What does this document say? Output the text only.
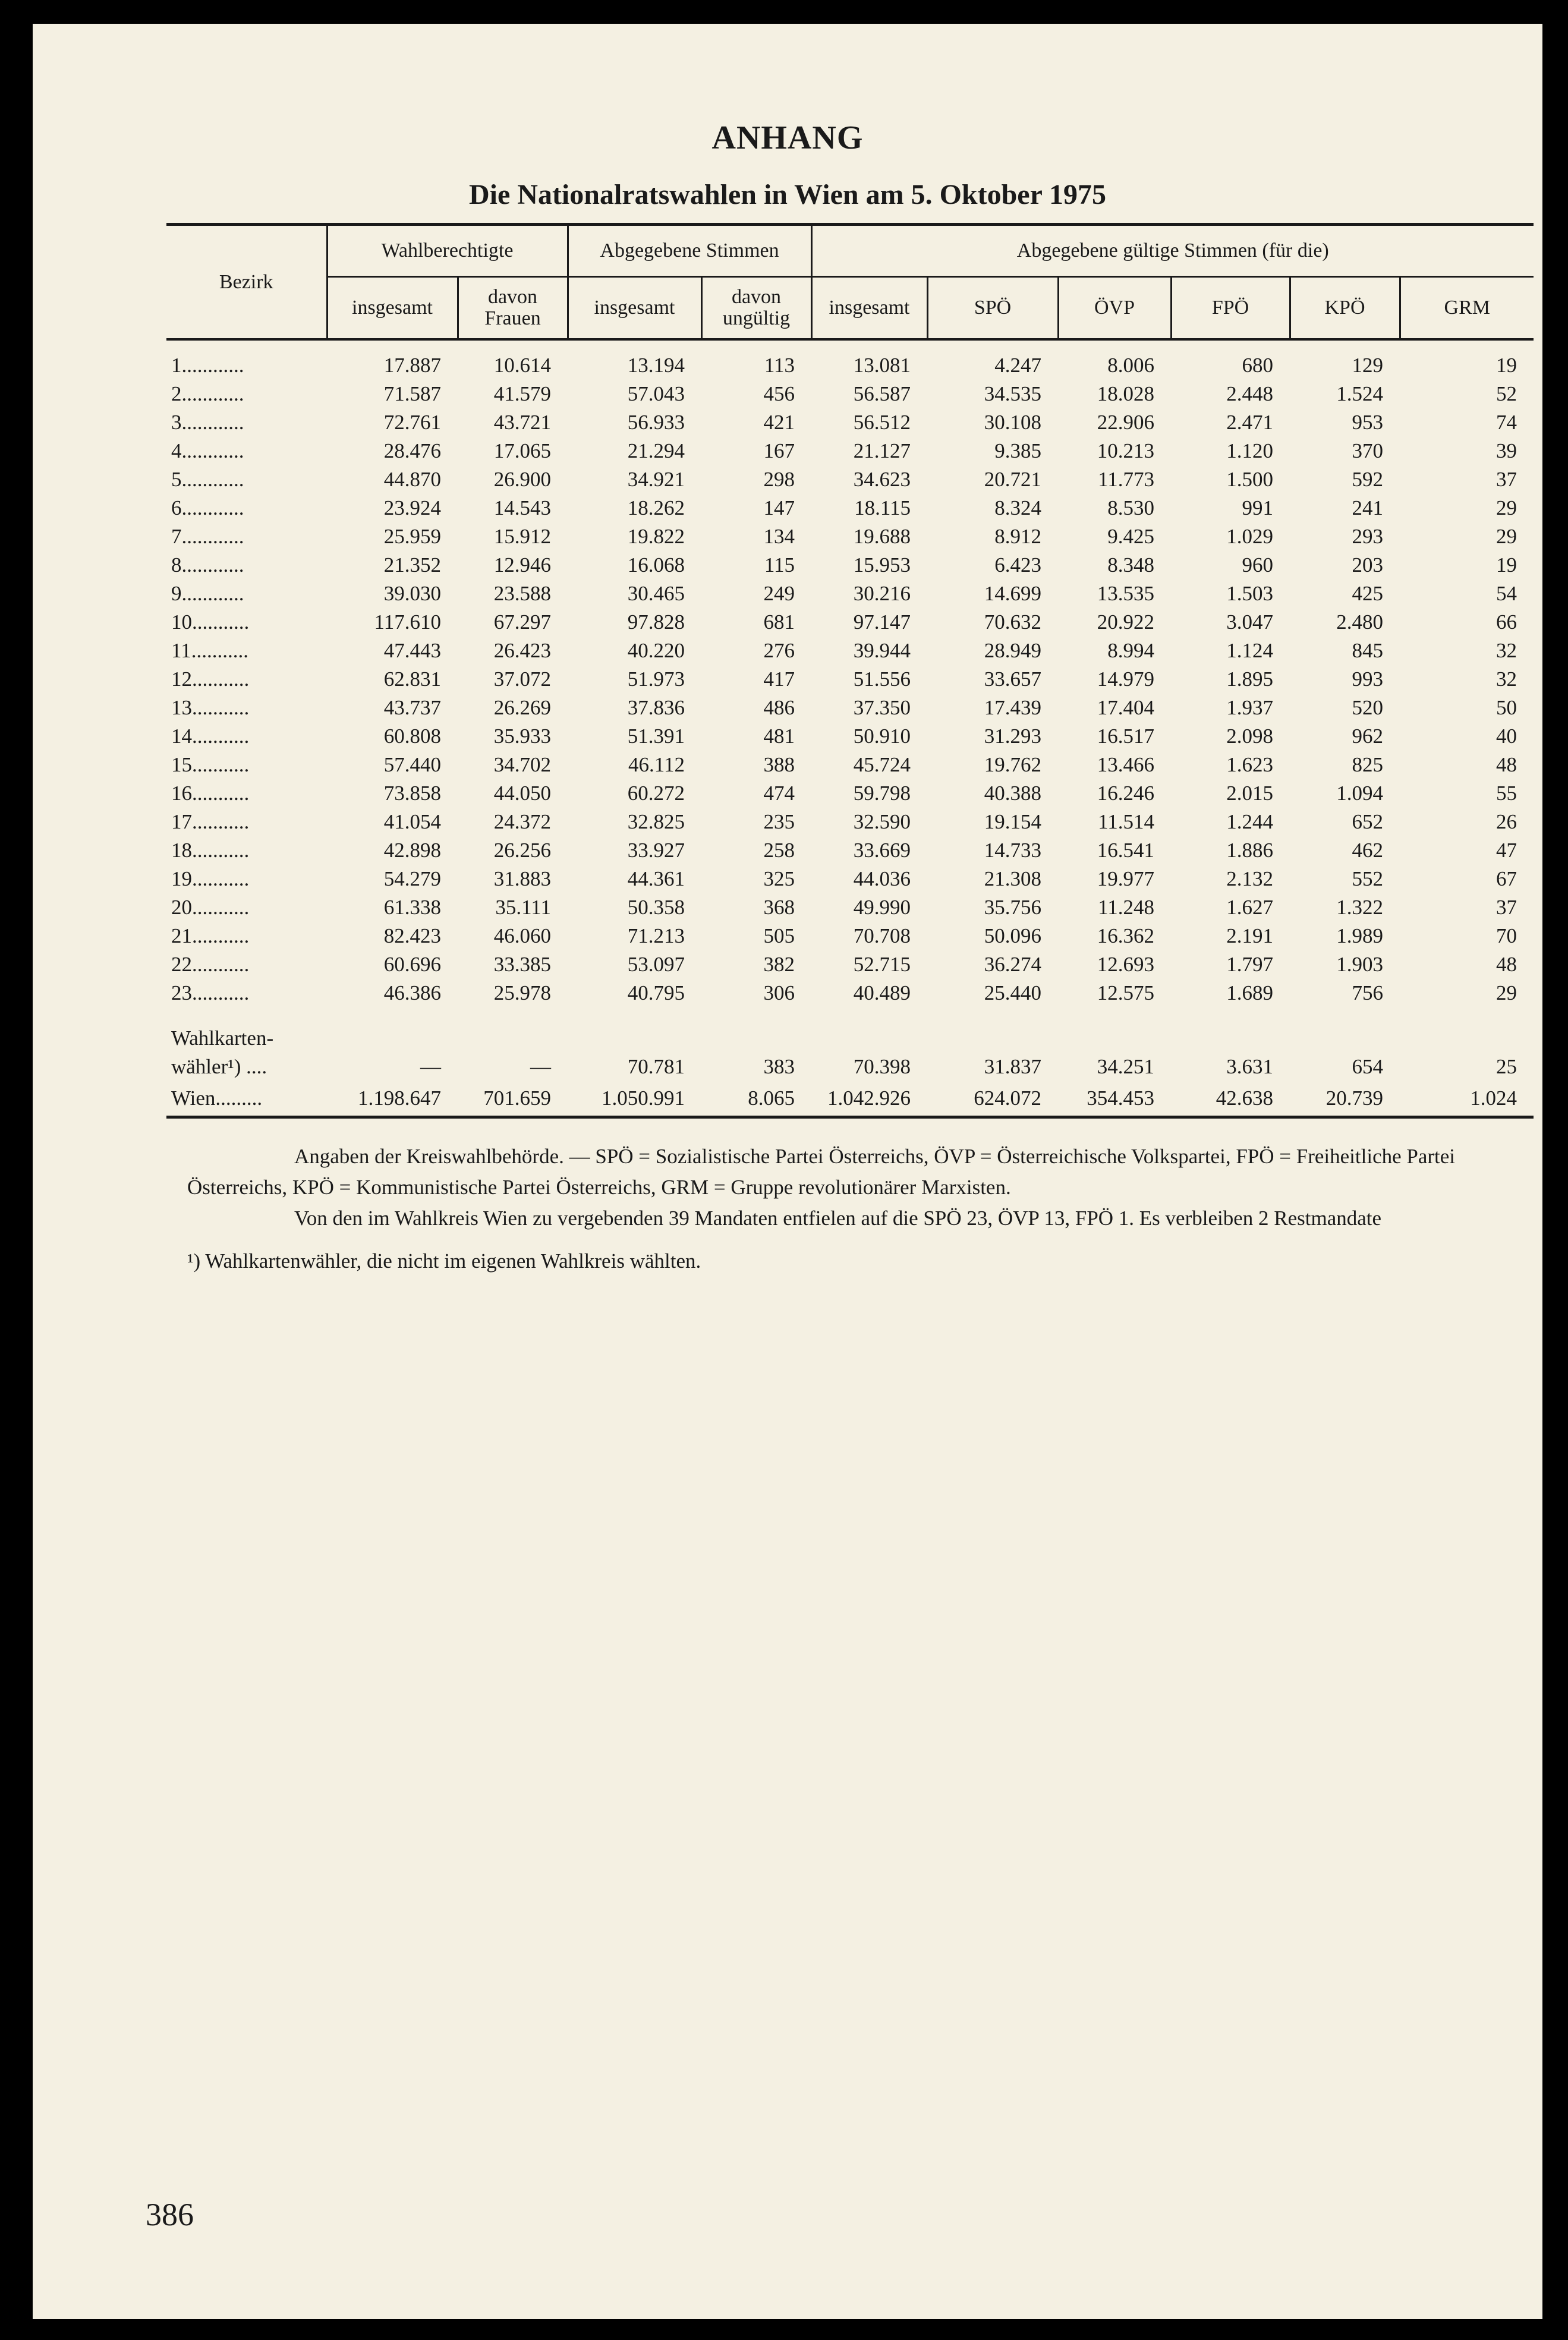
ANHANG
Die Nationalratswahlen in Wien am 5. Oktober 1975
Bezirk	Wahlberechtigte		Abgegebene Stimmen		Abgegebene gültige Stimmen (für die)					
	insgesamt	davon Frauen	insgesamt	davon ungültig	insgesamt	SPÖ	ÖVP	FPÖ	KPÖ	GRM
1............	17.887	10.614	13.194	113	13.081	4.247	8.006	680	129	19
2............	71.587	41.579	57.043	456	56.587	34.535	18.028	2.448	1.524	52
3............	72.761	43.721	56.933	421	56.512	30.108	22.906	2.471	953	74
4............	28.476	17.065	21.294	167	21.127	9.385	10.213	1.120	370	39
5............	44.870	26.900	34.921	298	34.623	20.721	11.773	1.500	592	37
6............	23.924	14.543	18.262	147	18.115	8.324	8.530	991	241	29
7............	25.959	15.912	19.822	134	19.688	8.912	9.425	1.029	293	29
8............	21.352	12.946	16.068	115	15.953	6.423	8.348	960	203	19
9............	39.030	23.588	30.465	249	30.216	14.699	13.535	1.503	425	54
10...........	117.610	67.297	97.828	681	97.147	70.632	20.922	3.047	2.480	66
11...........	47.443	26.423	40.220	276	39.944	28.949	8.994	1.124	845	32
12...........	62.831	37.072	51.973	417	51.556	33.657	14.979	1.895	993	32
13...........	43.737	26.269	37.836	486	37.350	17.439	17.404	1.937	520	50
14...........	60.808	35.933	51.391	481	50.910	31.293	16.517	2.098	962	40
15...........	57.440	34.702	46.112	388	45.724	19.762	13.466	1.623	825	48
16...........	73.858	44.050	60.272	474	59.798	40.388	16.246	2.015	1.094	55
17...........	41.054	24.372	32.825	235	32.590	19.154	11.514	1.244	652	26
18...........	42.898	26.256	33.927	258	33.669	14.733	16.541	1.886	462	47
19...........	54.279	31.883	44.361	325	44.036	21.308	19.977	2.132	552	67
20...........	61.338	35.111	50.358	368	49.990	35.756	11.248	1.627	1.322	37
21...........	82.423	46.060	71.213	505	70.708	50.096	16.362	2.191	1.989	70
22...........	60.696	33.385	53.097	382	52.715	36.274	12.693	1.797	1.903	48
23...........	46.386	25.978	40.795	306	40.489	25.440	12.575	1.689	756	29

Wahlkarten-										
wähler¹) ....	—	—	70.781	383	70.398	31.837	34.251	3.631	654	25
Wien.........	1.198.647	701.659	1.050.991	8.065	1.042.926	624.072	354.453	42.638	20.739	1.024

Angaben der Kreiswahlbehörde. — SPÖ = Sozialistische Partei Österreichs, ÖVP = Österreichische Volkspartei, FPÖ = Freiheitliche Partei Österreichs, KPÖ = Kommunistische Partei Österreichs, GRM = Gruppe revolutionärer Marxisten.

Von den im Wahlkreis Wien zu vergebenden 39 Mandaten entfielen auf die SPÖ 23, ÖVP 13, FPÖ 1. Es verbleiben 2 Restmandate

¹) Wahlkartenwähler, die nicht im eigenen Wahlkreis wählten.

386
